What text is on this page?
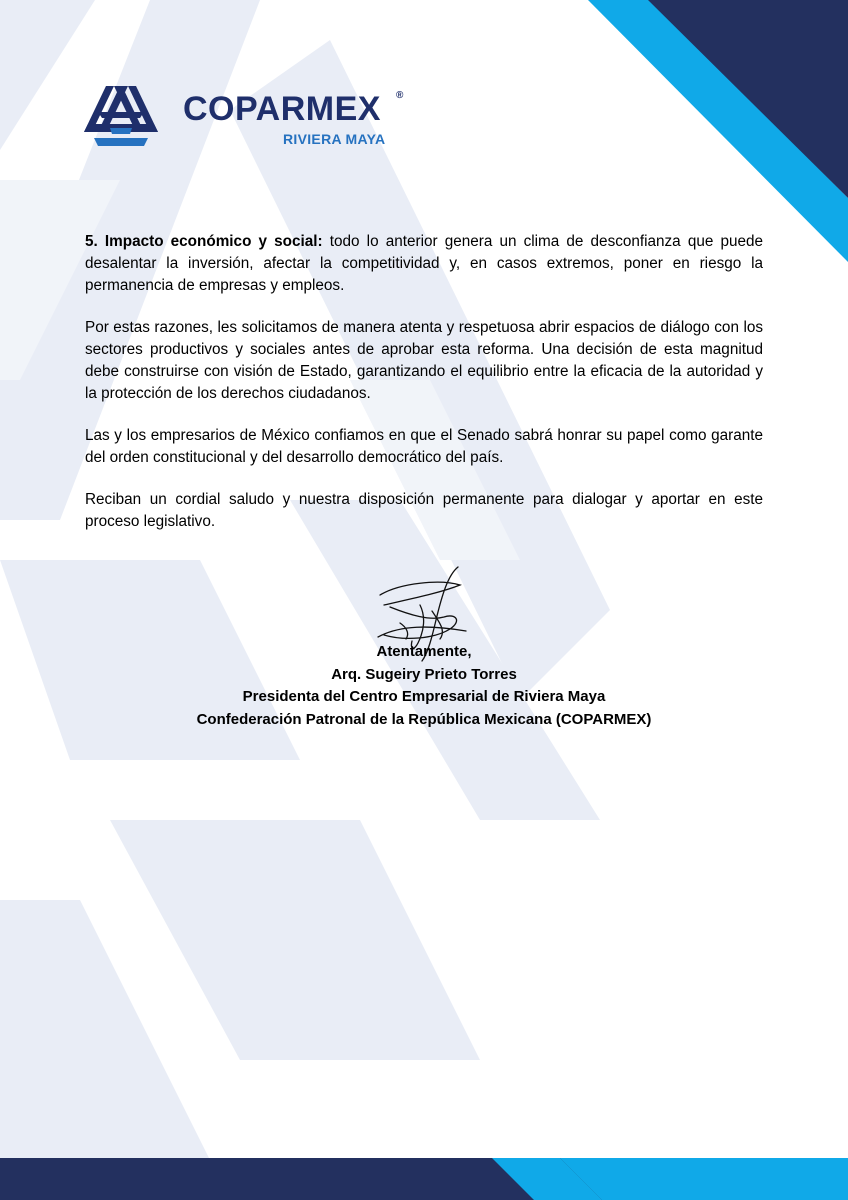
COPARMEX ®
RIVIERA MAYA

5. Impacto económico y social: todo lo anterior genera un clima de desconfianza que puede desalentar la inversión, afectar la competitividad y, en casos extremos, poner en riesgo la permanencia de empresas y empleos.

Por estas razones, les solicitamos de manera atenta y respetuosa abrir espacios de diálogo con los sectores productivos y sociales antes de aprobar esta reforma. Una decisión de esta magnitud debe construirse con visión de Estado, garantizando el equilibrio entre la eficacia de la autoridad y la protección de los derechos ciudadanos.

Las y los empresarios de México confiamos en que el Senado sabrá honrar su papel como garante del orden constitucional y del desarrollo democrático del país.

Reciban un cordial saludo y nuestra disposición permanente para dialogar y aportar en este proceso legislativo.

Atentamente,
Arq. Sugeiry Prieto Torres
Presidenta del Centro Empresarial de Riviera Maya
Confederación Patronal de la República Mexicana (COPARMEX)
